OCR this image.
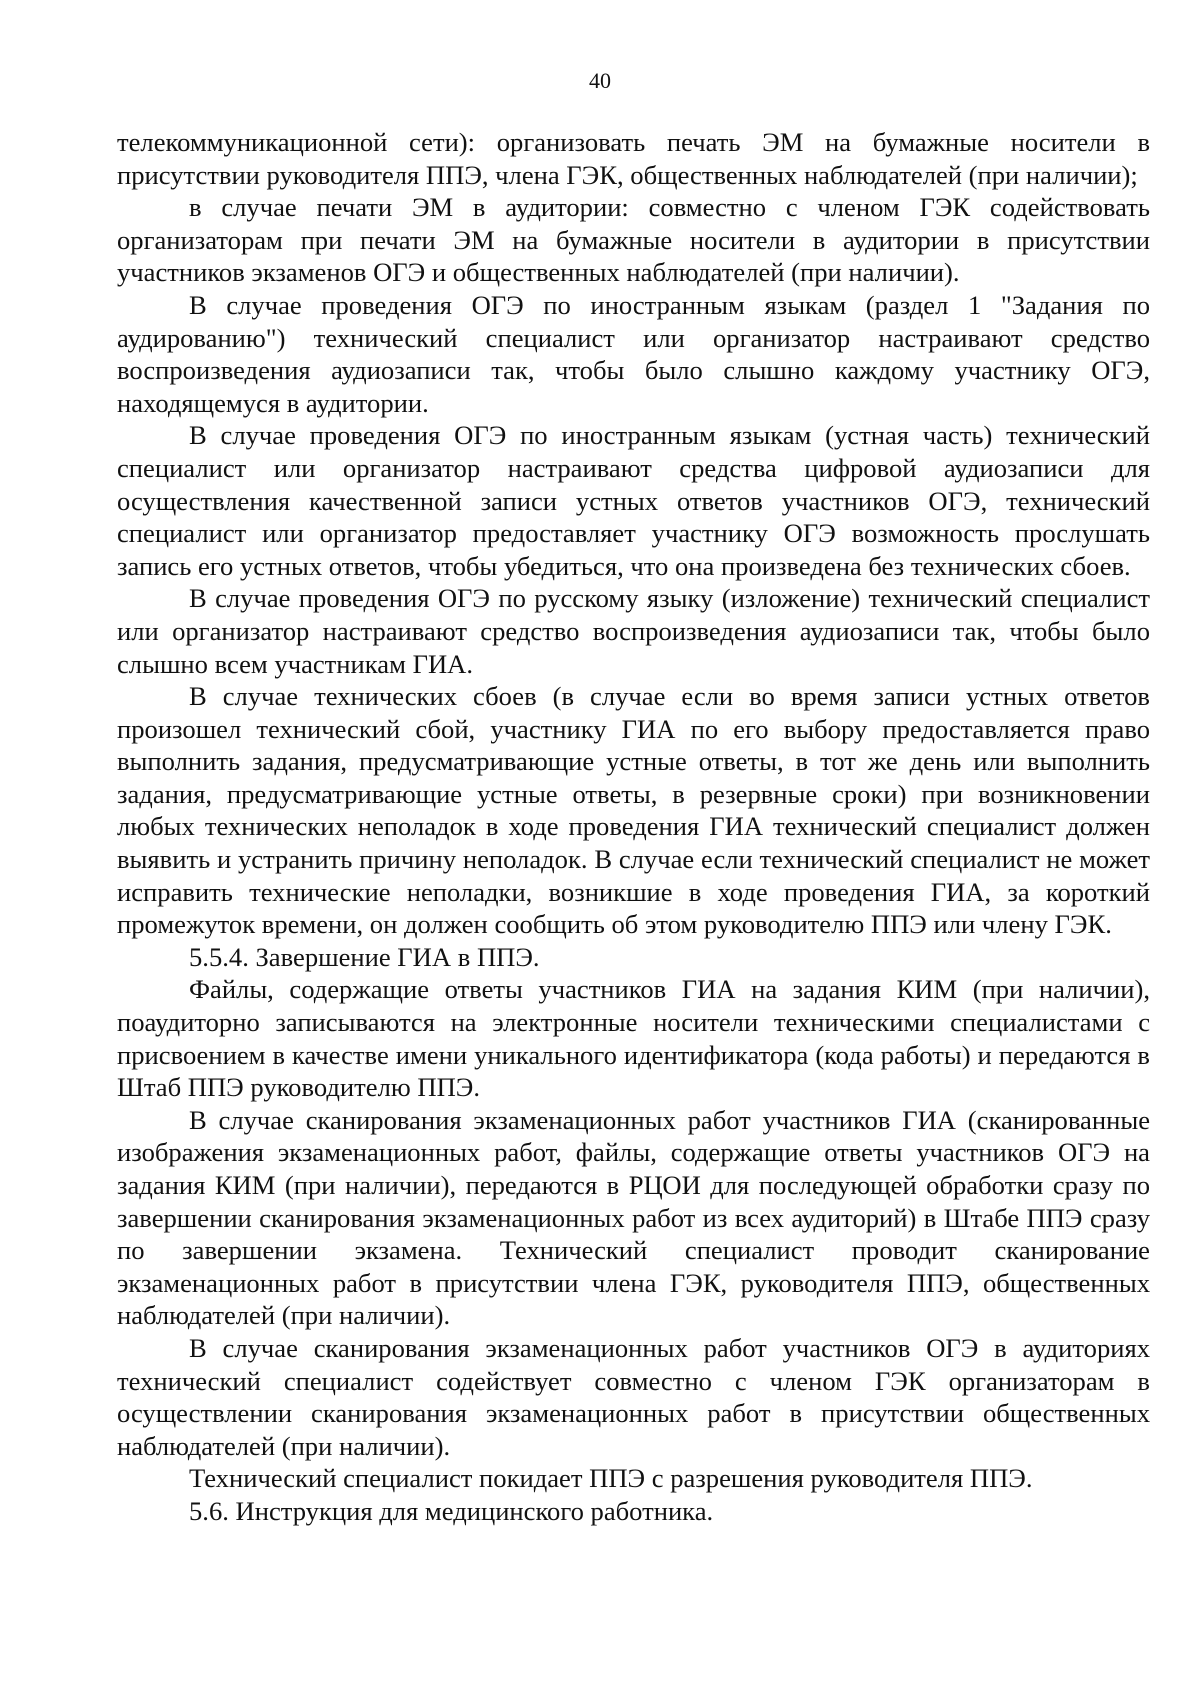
40

телекоммуникационной сети): организовать печать ЭМ на бумажные носители в присутствии руководителя ППЭ, члена ГЭК, общественных наблюдателей (при наличии);

в случае печати ЭМ в аудитории: совместно с членом ГЭК содействовать организаторам при печати ЭМ на бумажные носители в аудитории в присутствии участников экзаменов ОГЭ и общественных наблюдателей (при наличии).

В случае проведения ОГЭ по иностранным языкам (раздел 1 "Задания по аудированию") технический специалист или организатор настраивают средство воспроизведения аудиозаписи так, чтобы было слышно каждому участнику ОГЭ, находящемуся в аудитории.

В случае проведения ОГЭ по иностранным языкам (устная часть) технический специалист или организатор настраивают средства цифровой аудиозаписи для осуществления качественной записи устных ответов участников ОГЭ, технический специалист или организатор предоставляет участнику ОГЭ возможность прослушать запись его устных ответов, чтобы убедиться, что она произведена без технических сбоев.

В случае проведения ОГЭ по русскому языку (изложение) технический специалист или организатор настраивают средство воспроизведения аудиозаписи так, чтобы было слышно всем участникам ГИА.

В случае технических сбоев (в случае если во время записи устных ответов произошел технический сбой, участнику ГИА по его выбору предоставляется право выполнить задания, предусматривающие устные ответы, в тот же день или выполнить задания, предусматривающие устные ответы, в резервные сроки) при возникновении любых технических неполадок в ходе проведения ГИА технический специалист должен выявить и устранить причину неполадок. В случае если технический специалист не может исправить технические неполадки, возникшие в ходе проведения ГИА, за короткий промежуток времени, он должен сообщить об этом руководителю ППЭ или члену ГЭК.

5.5.4. Завершение ГИА в ППЭ.

Файлы, содержащие ответы участников ГИА на задания КИМ (при наличии), поаудиторно записываются на электронные носители техническими специалистами с присвоением в качестве имени уникального идентификатора (кода работы) и передаются в Штаб ППЭ руководителю ППЭ.

В случае сканирования экзаменационных работ участников ГИА (сканированные изображения экзаменационных работ, файлы, содержащие ответы участников ОГЭ на задания КИМ (при наличии), передаются в РЦОИ для последующей обработки сразу по завершении сканирования экзаменационных работ из всех аудиторий) в Штабе ППЭ сразу по завершении экзамена. Технический специалист проводит сканирование экзаменационных работ в присутствии члена ГЭК, руководителя ППЭ, общественных наблюдателей (при наличии).

В случае сканирования экзаменационных работ участников ОГЭ в аудиториях технический специалист содействует совместно с членом ГЭК организаторам в осуществлении сканирования экзаменационных работ в присутствии общественных наблюдателей (при наличии).

Технический специалист покидает ППЭ с разрешения руководителя ППЭ.

5.6. Инструкция для медицинского работника.
